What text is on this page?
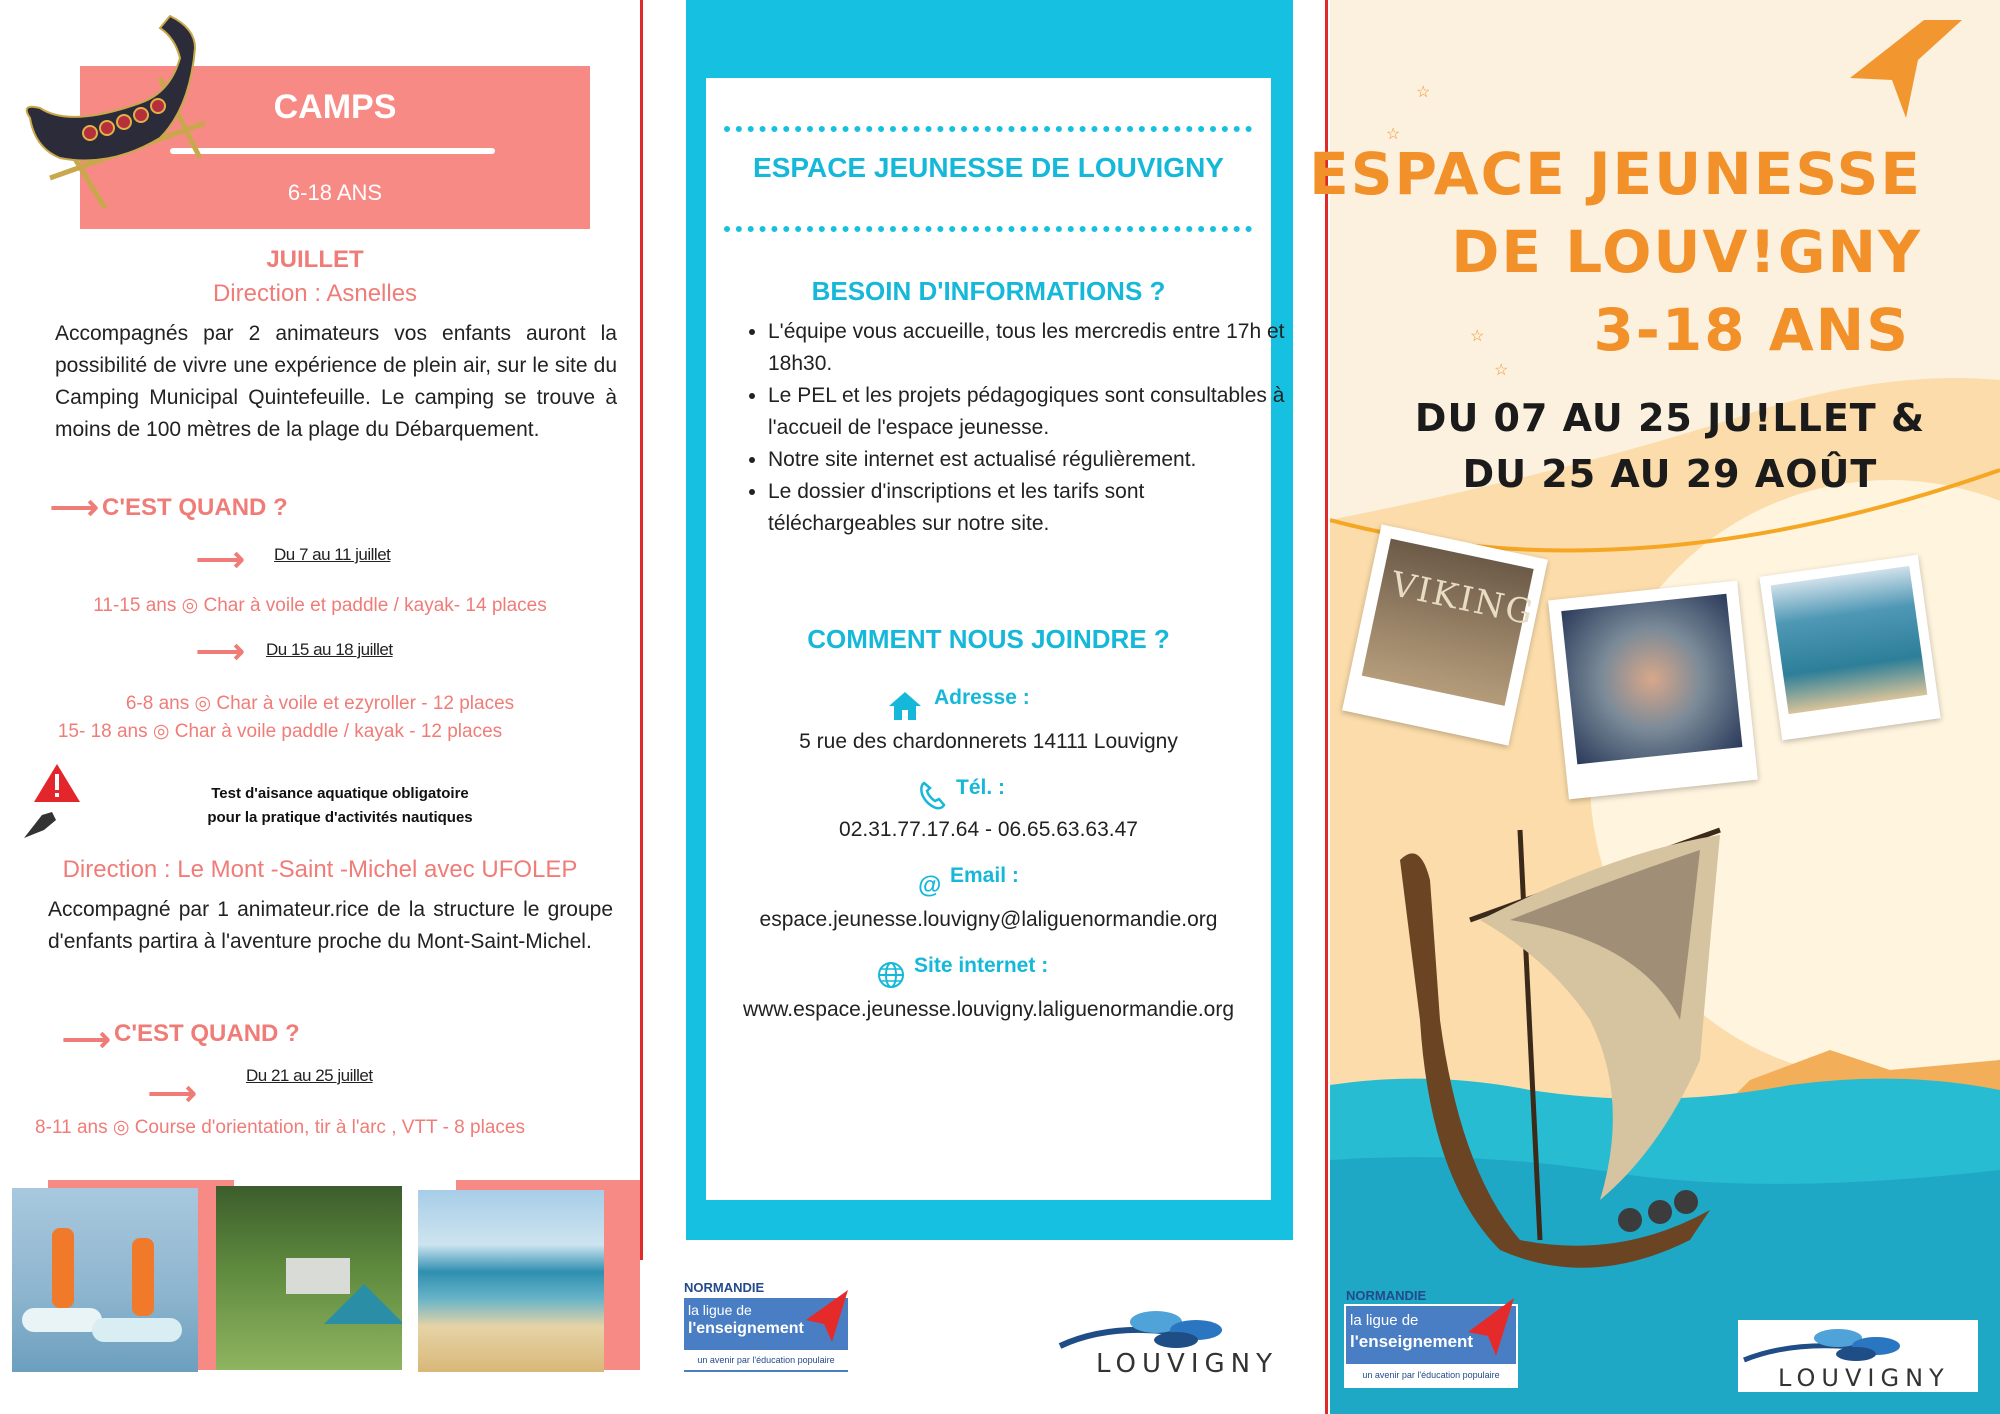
CAMPS
6-18 ANS
JUILLET
Direction : Asnelles
Accompagnés par 2 animateurs vos enfants auront la possibilité de vivre une expérience de plein air, sur le site du Camping Municipal Quintefeuille. Le camping se trouve à moins de 100 mètres de la plage du Débarquement.
⟶ C'EST QUAND ?
⟶ Du 7 au 11 juillet
11-15 ans ◎ Char à voile et paddle / kayak- 14 places
⟶ Du 15 au 18 juillet
6-8 ans ◎ Char à voile et ezyroller - 12 places
15- 18 ans ◎ Char à voile paddle / kayak - 12 places
Test d'aisance aquatique obligatoire
pour la pratique d'activités nautiques
Direction : Le Mont -Saint -Michel avec UFOLEP
Accompagné par 1 animateur.rice de la structure le groupe d'enfants partira à l'aventure proche du Mont-Saint-Michel.
⟶ C'EST QUAND ?
⟶	Du 21 au 25 juillet
8-11 ans ◎ Course d'orientation, tir à l'arc , VTT - 8 places
ESPACE JEUNESSE DE LOUVIGNY
BESOIN D'INFORMATIONS ?
• L'équipe vous accueille, tous les mercredis entre 17h et 18h30.
• Le PEL et les projets pédagogiques sont consultables à l'accueil de l'espace jeunesse.
• Notre site internet est actualisé régulièrement.
• Le dossier d'inscriptions et les tarifs sont téléchargeables sur notre site.
COMMENT NOUS JOINDRE ?
Adresse :
5 rue des chardonnerets 14111 Louvigny
Tél. :
02.31.77.17.64 - 06.65.63.63.47
@ Email :
espace.jeunesse.louvigny@laliguenormandie.org
Site internet :
www.espace.jeunesse.louvigny.laliguenormandie.org
NORMANDIE
la ligue de
l'enseignement
un avenir par l'éducation populaire	LOUVIGNY
☆
☆
☆
☆
VIKING
NORMANDIE
la ligue de
l'enseignement
un avenir par l'éducation populaire	LOUVIGNY
ESPACE JEUNESSE
DE LOUV!GNY
3-18 ANS
DU 07 AU 25 JU!LLET &
DU 25 AU 29 AOÛT
